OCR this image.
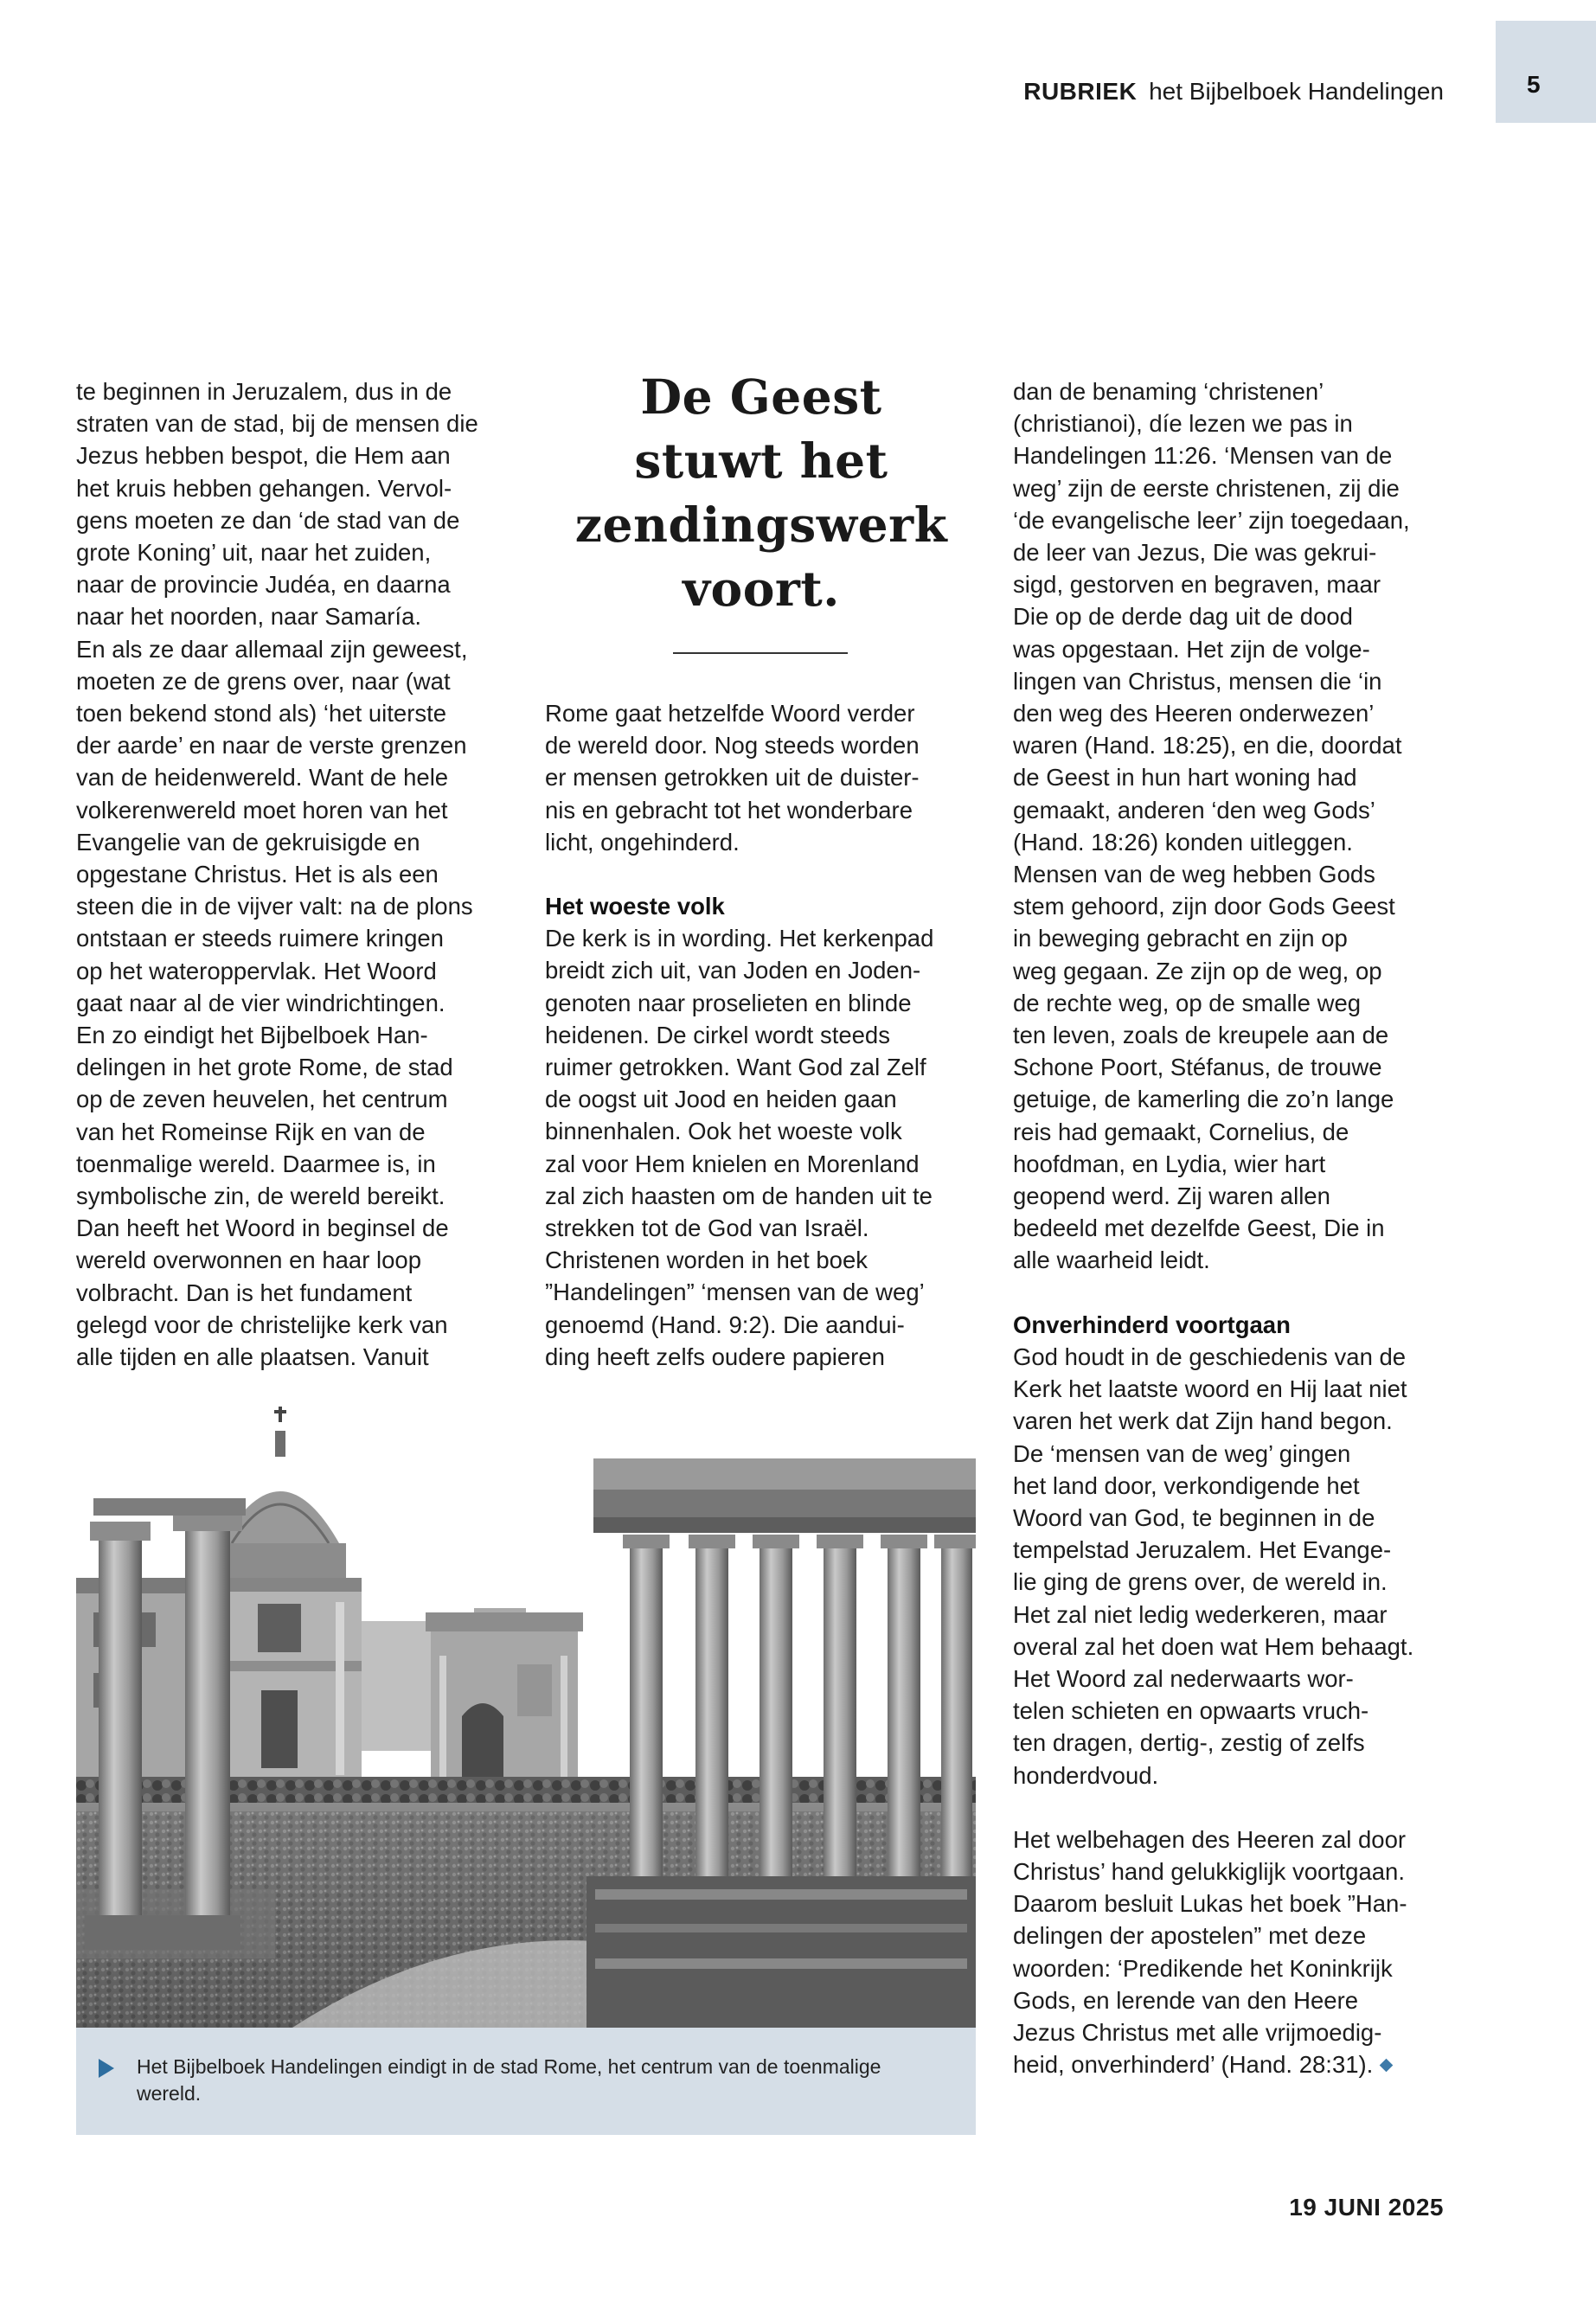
RUBRIEK het Bijbelboek Handelingen	5
te beginnen in Jeruzalem, dus in de
straten van de stad, bij de mensen die
Jezus hebben bespot, die Hem aan
het kruis hebben gehangen. Vervol-
gens moeten ze dan ‘de stad van de
grote Koning’ uit, naar het zuiden,
naar de provincie Judéa, en daarna
naar het noorden, naar Samaría.
En als ze daar allemaal zijn geweest,
moeten ze de grens over, naar (wat
toen bekend stond als) ‘het uiterste
der aarde’ en naar de verste grenzen
van de heidenwereld. Want de hele
volkerenwereld moet horen van het
Evangelie van de gekruisigde en
opgestane Christus. Het is als een
steen die in de vijver valt: na de plons
ontstaan er steeds ruimere kringen
op het wateroppervlak. Het Woord
gaat naar al de vier windrichtingen.
En zo eindigt het Bijbelboek Han-
delingen in het grote Rome, de stad
op de zeven heuvelen, het centrum
van het Romeinse Rijk en van de
toenmalige wereld. Daarmee is, in
symbolische zin, de wereld bereikt.
Dan heeft het Woord in beginsel de
wereld overwonnen en haar loop
volbracht. Dan is het fundament
gelegd voor de christelijke kerk van
alle tijden en alle plaatsen. Vanuit
De Geest
stuwt het
zendingswerk
voort.
Rome gaat hetzelfde Woord verder
de wereld door. Nog steeds worden
er mensen getrokken uit de duister-
nis en gebracht tot het wonderbare
licht, ongehinderd.
Het woeste volk
De kerk is in wording. Het kerkenpad
breidt zich uit, van Joden en Joden-
genoten naar proselieten en blinde
heidenen. De cirkel wordt steeds
ruimer getrokken. Want God zal Zelf
de oogst uit Jood en heiden gaan
binnenhalen. Ook het woeste volk
zal voor Hem knielen en Morenland
zal zich haasten om de handen uit te
strekken tot de God van Israël.
Christenen worden in het boek
”Handelingen” ‘mensen van de weg’
genoemd (Hand. 9:2). Die aandui-
ding heeft zelfs oudere papieren
dan de benaming ‘christenen’
(christianoi), díe lezen we pas in
Handelingen 11:26. ‘Mensen van de
weg’ zijn de eerste christenen, zij die
‘de evangelische leer’ zijn toegedaan,
de leer van Jezus, Die was gekrui-
sigd, gestorven en begraven, maar
Die op de derde dag uit de dood
was opgestaan. Het zijn de volge-
lingen van Christus, mensen die ‘in
den weg des Heeren onderwezen’
waren (Hand. 18:25), en die, doordat
de Geest in hun hart woning had
gemaakt, anderen ‘den weg Gods’
(Hand. 18:26) konden uitleggen.
Mensen van de weg hebben Gods
stem gehoord, zijn door Gods Geest
in beweging gebracht en zijn op
weg gegaan. Ze zijn op de weg, op
de rechte weg, op de smalle weg
ten leven, zoals de kreupele aan de
Schone Poort, Stéfanus, de trouwe
getuige, de kamerling die zo’n lange
reis had gemaakt, Cornelius, de
hoofdman, en Lydia, wier hart
geopend werd. Zij waren allen
bedeeld met dezelfde Geest, Die in
alle waarheid leidt.
Onverhinderd voortgaan
God houdt in de geschiedenis van de
Kerk het laatste woord en Hij laat niet
varen het werk dat Zijn hand begon.
De ‘mensen van de weg’ gingen
het land door, verkondigende het
Woord van God, te beginnen in de
tempelstad Jeruzalem. Het Evange-
lie ging de grens over, de wereld in.
Het zal niet ledig wederkeren, maar
overal zal het doen wat Hem behaagt.
Het Woord zal nederwaarts wor-
telen schieten en opwaarts vruch-
ten dragen, dertig-, zestig of zelfs
honderdvoud.
Het welbehagen des Heeren zal door
Christus’ hand gelukkiglijk voortgaan.
Daarom besluit Lukas het boek ”Han-
delingen der apostelen” met deze
woorden: ‘Predikende het Koninkrijk
Gods, en lerende van den Heere
Jezus Christus met alle vrijmoedig-
heid, onverhinderd’ (Hand. 28:31).
Het Bijbelboek Handelingen eindigt in de stad Rome, het centrum van de toenmalige wereld.
19 JUNI 2025
